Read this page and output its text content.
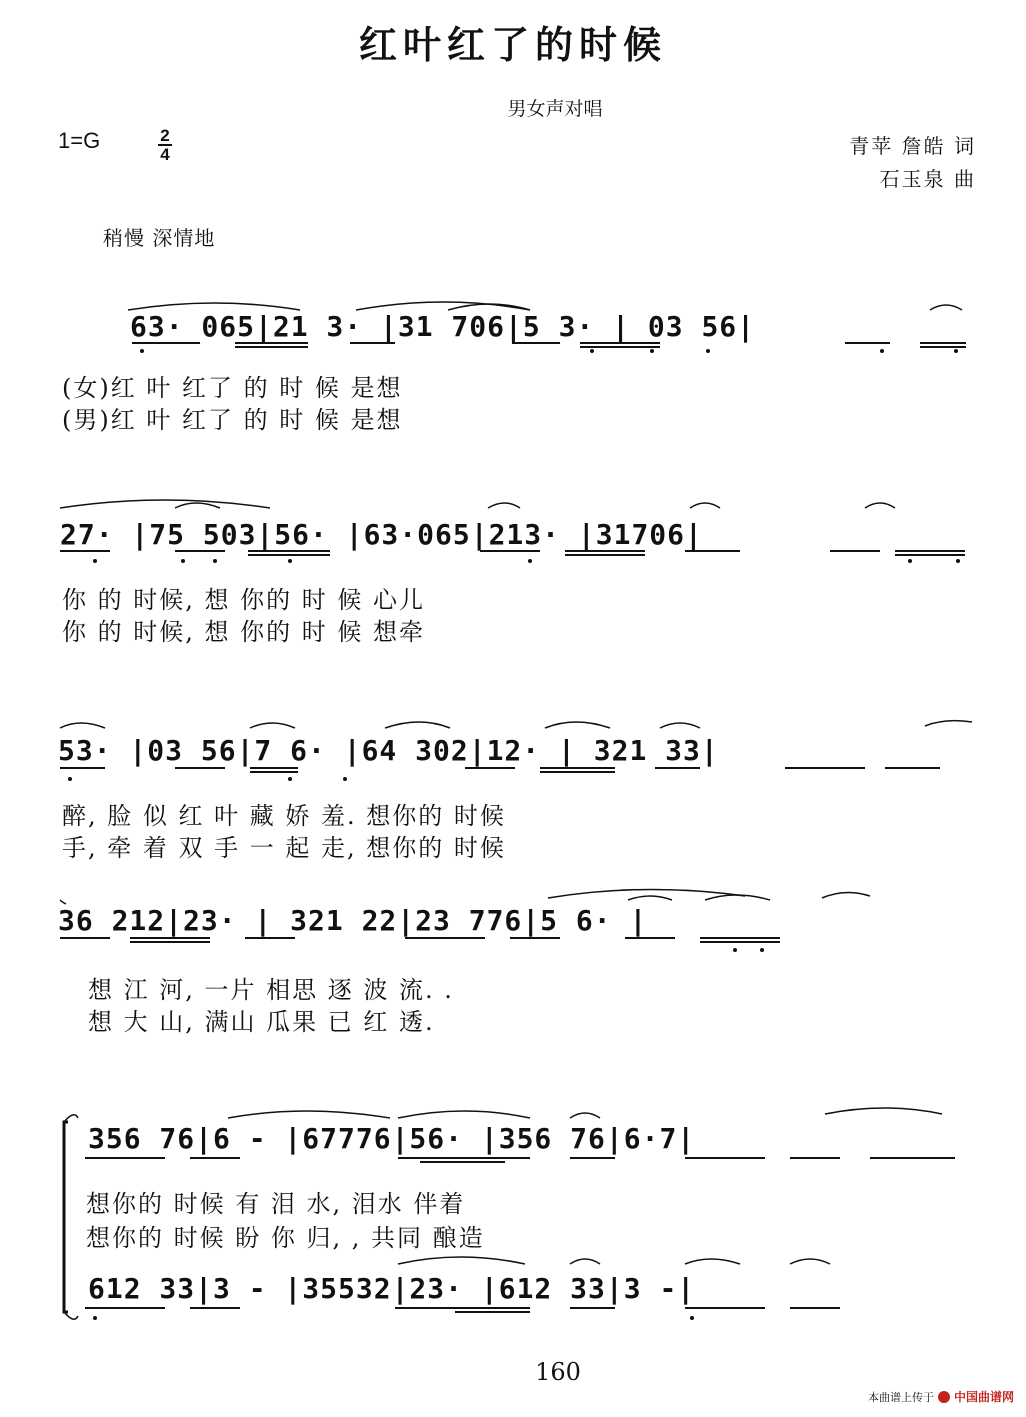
红叶红了的时候
男女声对唱
1=G	2
4	青苹 詹皓 词
石玉泉 曲
稍慢 深情地
63· 065|21 3· |31 706|5 3· | 03 56|
(女)红 叶 红了 的 时 候 是想
(男)红 叶 红了 的 时 候 是想
27· |75 503|56· |63·065|213· |31706|
你 的 时候, 想 你的 时 候 心儿
你 的 时候, 想 你的 时 候 想牵
53· |03 56|7 6· |64 302|12· | 321 33|
醉, 脸 似 红 叶 藏 娇 羞. 想你的 时候
手, 牵 着 双 手 一 起 走, 想你的 时候
36 212|23· | 321 22|23 776|5 6· |
想 江 河, 一片 相思 逐 波 流. .
想 大 山, 满山 瓜果 已 红 透.
356 76|6 - |67776|56· |356 76|6·7|
想你的 时候 有 泪 水, 泪水 伴着
想你的 时候 盼 你 归, , 共同 酿造
612 33|3 - |35532|23· |612 33|3 -|
160
本曲谱上传于 中国曲谱网
